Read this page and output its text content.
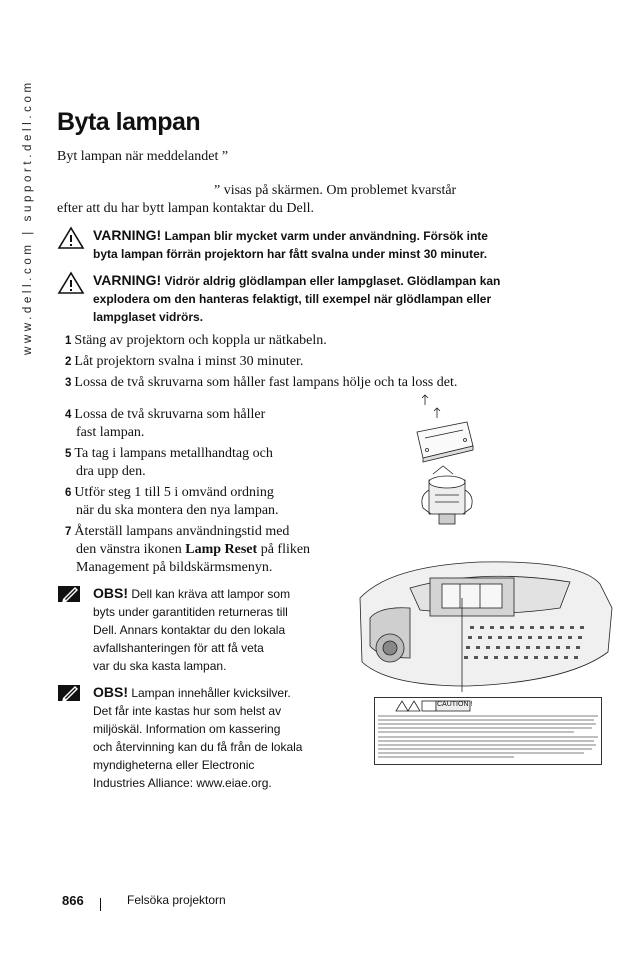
www.dell.com | support.dell.com Byta lampan
Byt lampan när meddelandet ”
” visas på skärmen. Om problemet kvarstår
efter att du har bytt lampan kontaktar du Dell.
VARNING! Lampan blir mycket varm under användning. Försök inte
byta lampan förrän projektorn har fått svalna under minst 30 minuter.
VARNING! Vidrör aldrig glödlampan eller lampglaset. Glödlampan kan
explodera om den hanteras felaktigt, till exempel när glödlampan eller
lampglaset vidrörs.
1 Stäng av projektorn och koppla ur nätkabeln.
2 Låt projektorn svalna i minst 30 minuter.
3 Lossa de två skruvarna som håller fast lampans hölje och ta loss det.
4 Lossa de två skruvarna som håller
fast lampan.
5 Ta tag i lampans metallhandtag och
dra upp den.
6 Utför steg 1 till 5 i omvänd ordning
när du ska montera den nya lampan.
7 Återställ lampans användningstid med
den vänstra ikonen Lamp Reset på fliken
Management på bildskärmsmenyn.
OBS! Dell kan kräva att lampor som
byts under garantitiden returneras till
Dell. Annars kontaktar du den lokala
avfallshanteringen för att få veta
var du ska kasta lampan.
OBS! Lampan innehåller kvicksilver.
Det får inte kastas hur som helst av
miljöskäl. Information om kassering
och återvinning kan du få från de lokala
myndigheterna eller Electronic
Industries Alliance: www.eiae.org.
CAUTION !
866	Felsöka projektorn
